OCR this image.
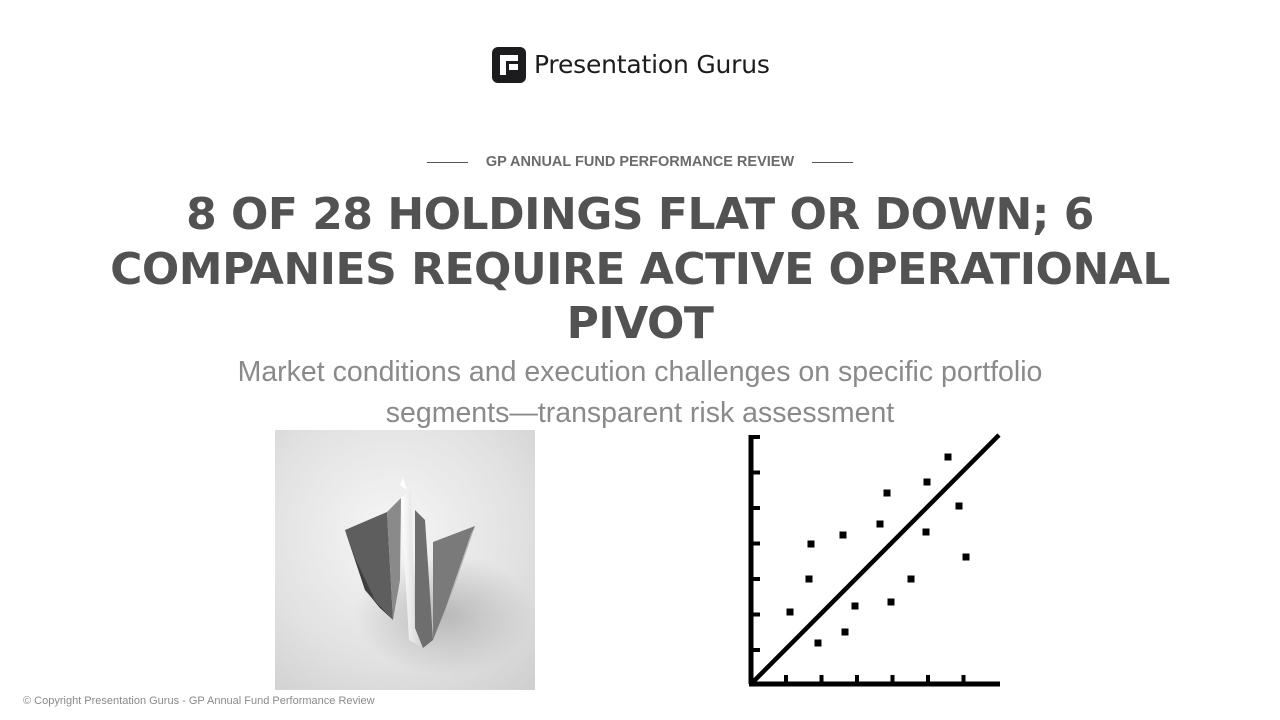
Presentation Gurus
GP ANNUAL FUND PERFORMANCE REVIEW
8 OF 28 HOLDINGS FLAT OR DOWN; 6 COMPANIES REQUIRE ACTIVE OPERATIONAL PIVOT

Market conditions and execution challenges on specific portfolio segments—transparent risk assessment

© Copyright Presentation Gurus - GP Annual Fund Performance Review
